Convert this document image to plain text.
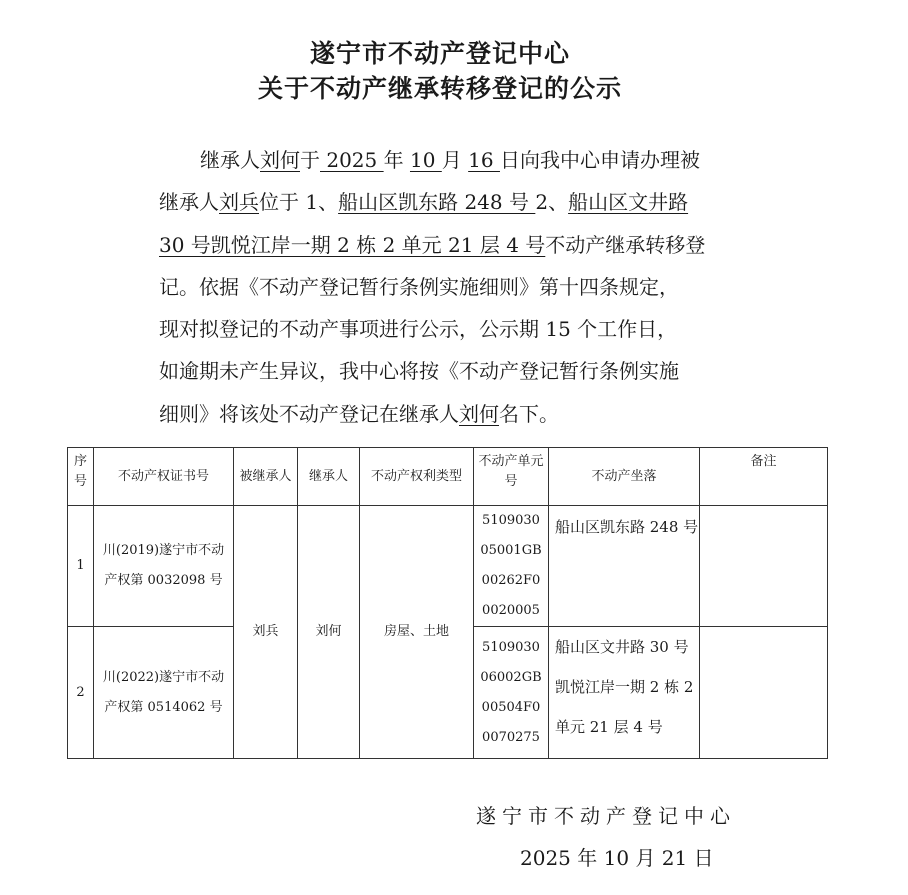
遂宁市不动产登记中心
关于不动产继承转移登记的公示
继承人刘何于 2025 年 10 月 16 日向我中心申请办理被
继承人刘兵位于 1、船山区凯东路 248 号 2、船山区文井路
30 号凯悦江岸一期 2 栋 2 单元 21 层 4 号不动产继承转移登
记。依据《不动产登记暂行条例实施细则》第十四条规定，
现对拟登记的不动产事项进行公示，公示期 15 个工作日，
如逾期未产生异议，我中心将按《不动产登记暂行条例实施
细则》将该处不动产登记在继承人刘何名下。
序号	不动产权证书号	被继承人	继承人	不动产权利类型	不动产单元号	不动产坐落	备注
1	川(2019)遂宁市不动产权第 0032098 号	刘兵	刘何	房屋、土地	5109030
05001GB
00262F0
0020005	船山区凯东路 248 号	
2	川(2022)遂宁市不动产权第 0514062 号				5109030
06002GB
00504F0
0070275	船山区文井路 30 号凯悦江岸一期 2 栋 2 单元 21 层 4 号	
遂宁市不动产登记中心
2025 年 10 月 21 日
